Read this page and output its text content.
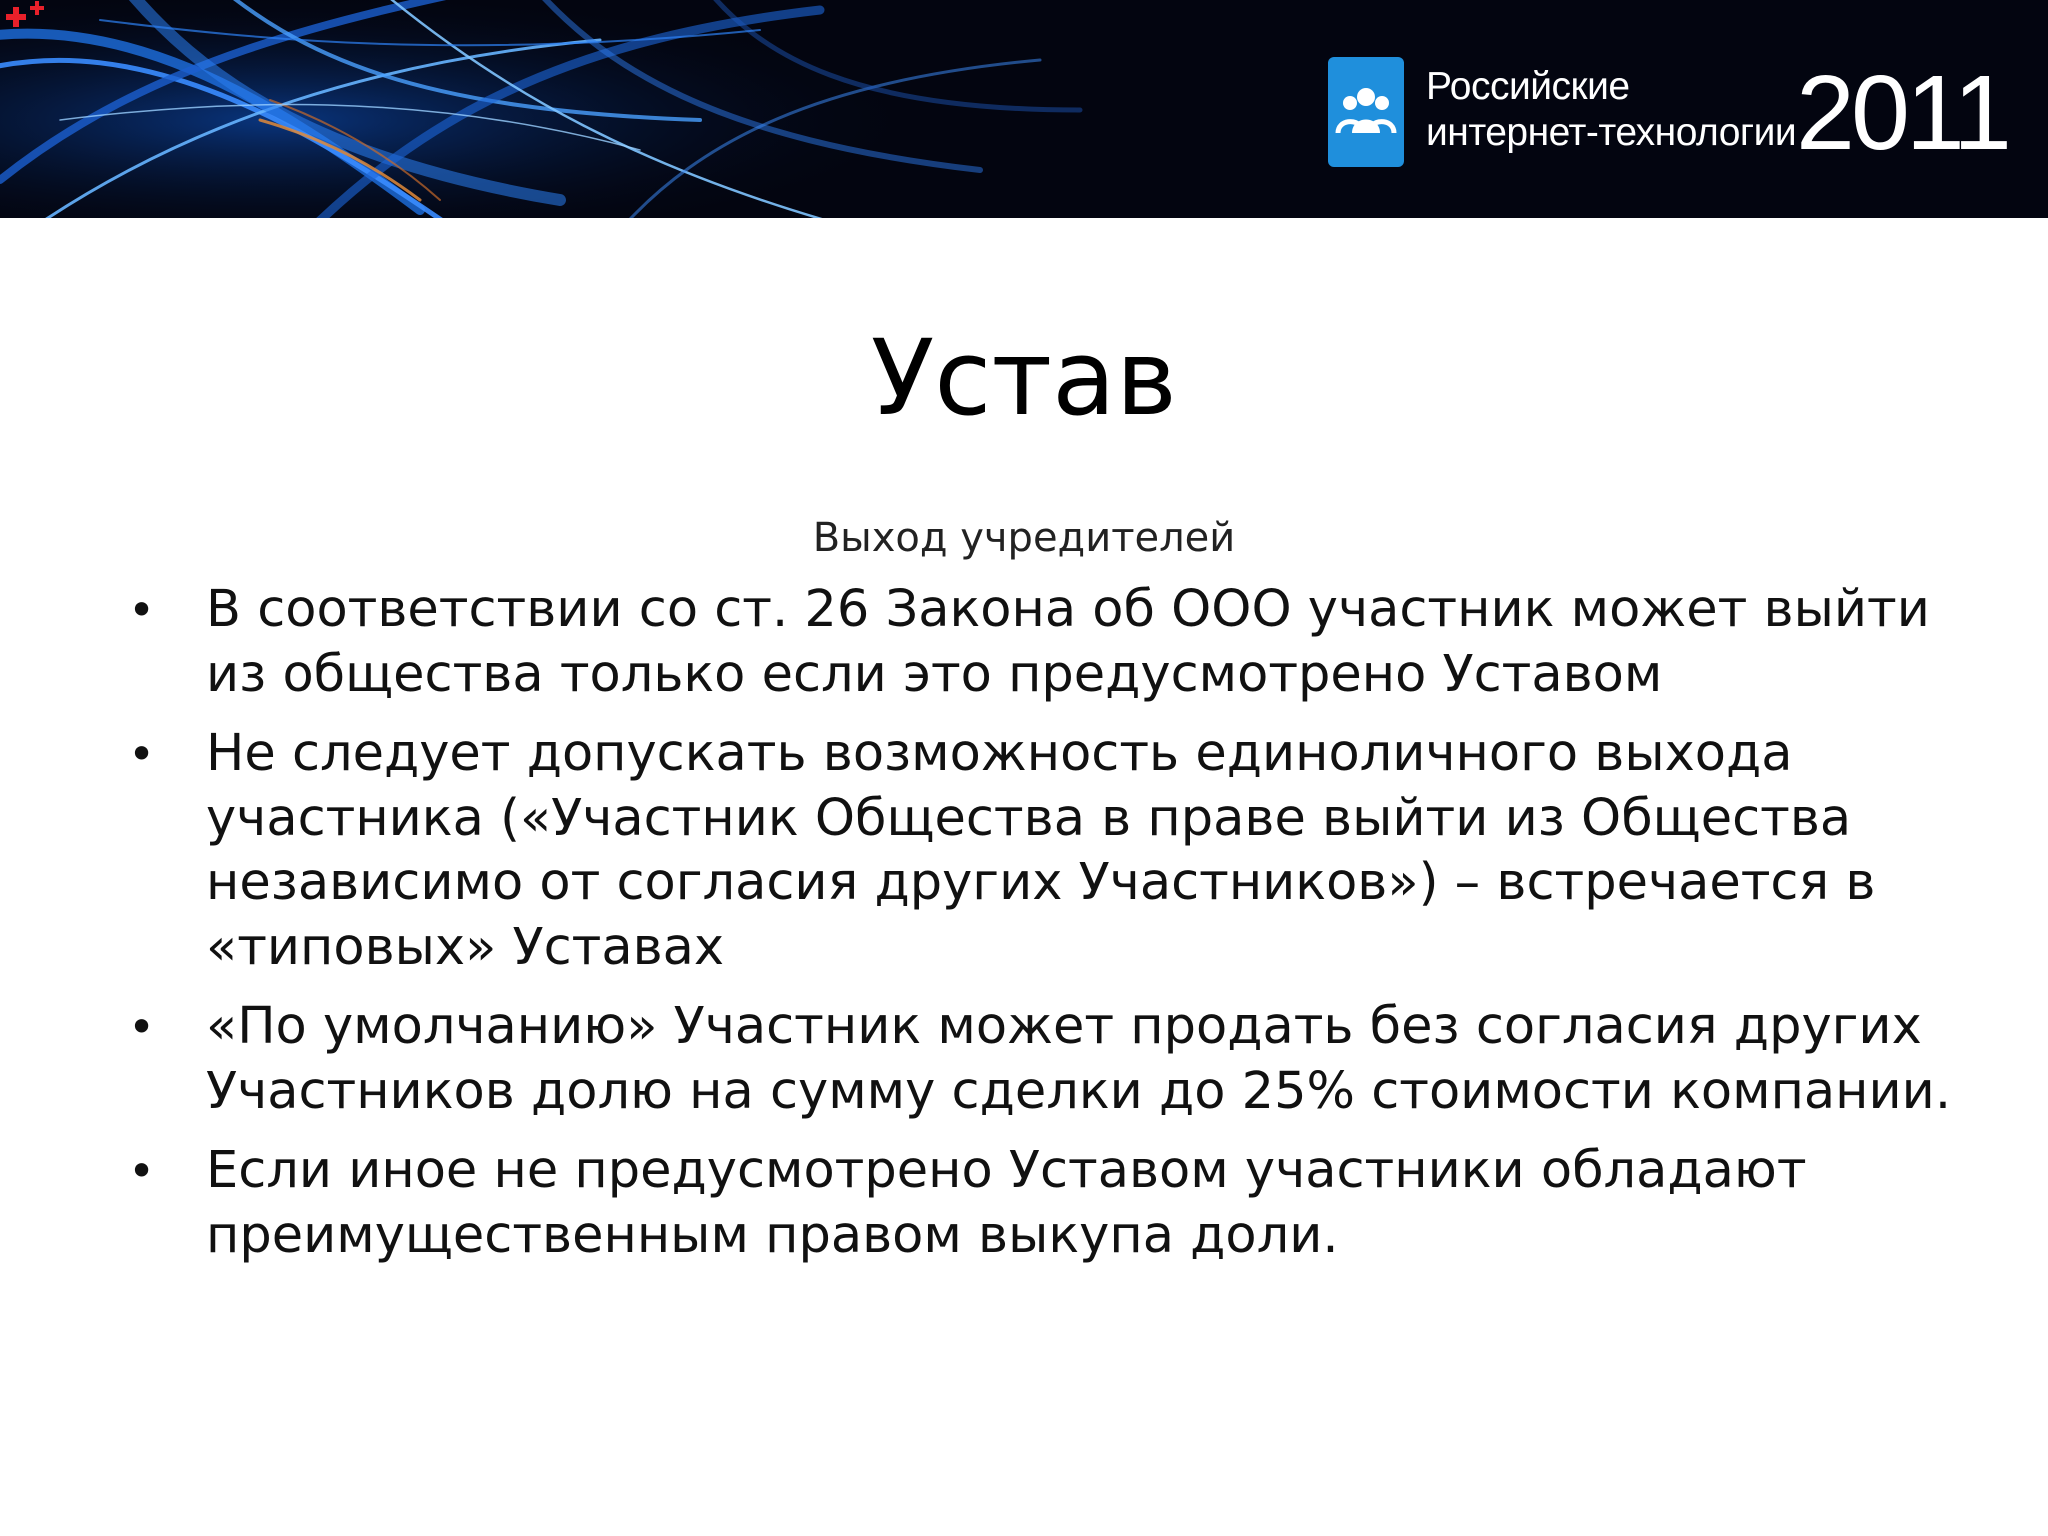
Российские
интернет-технологии 2011
Устав
Выход учредителей
• В соответствии со ст. 26 Закона об ООО участник может выйти из общества только если это предусмотрено Уставом
• Не следует допускать возможность единоличного выхода участника («Участник Общества в праве выйти из Общества независимо от согласия других Участников») – встречается в «типовых» Уставах
• «По умолчанию» Участник может продать без согласия других Участников долю на сумму сделки до 25% стоимости компании.
• Если иное не предусмотрено Уставом участники обладают преимущественным правом выкупа доли.
